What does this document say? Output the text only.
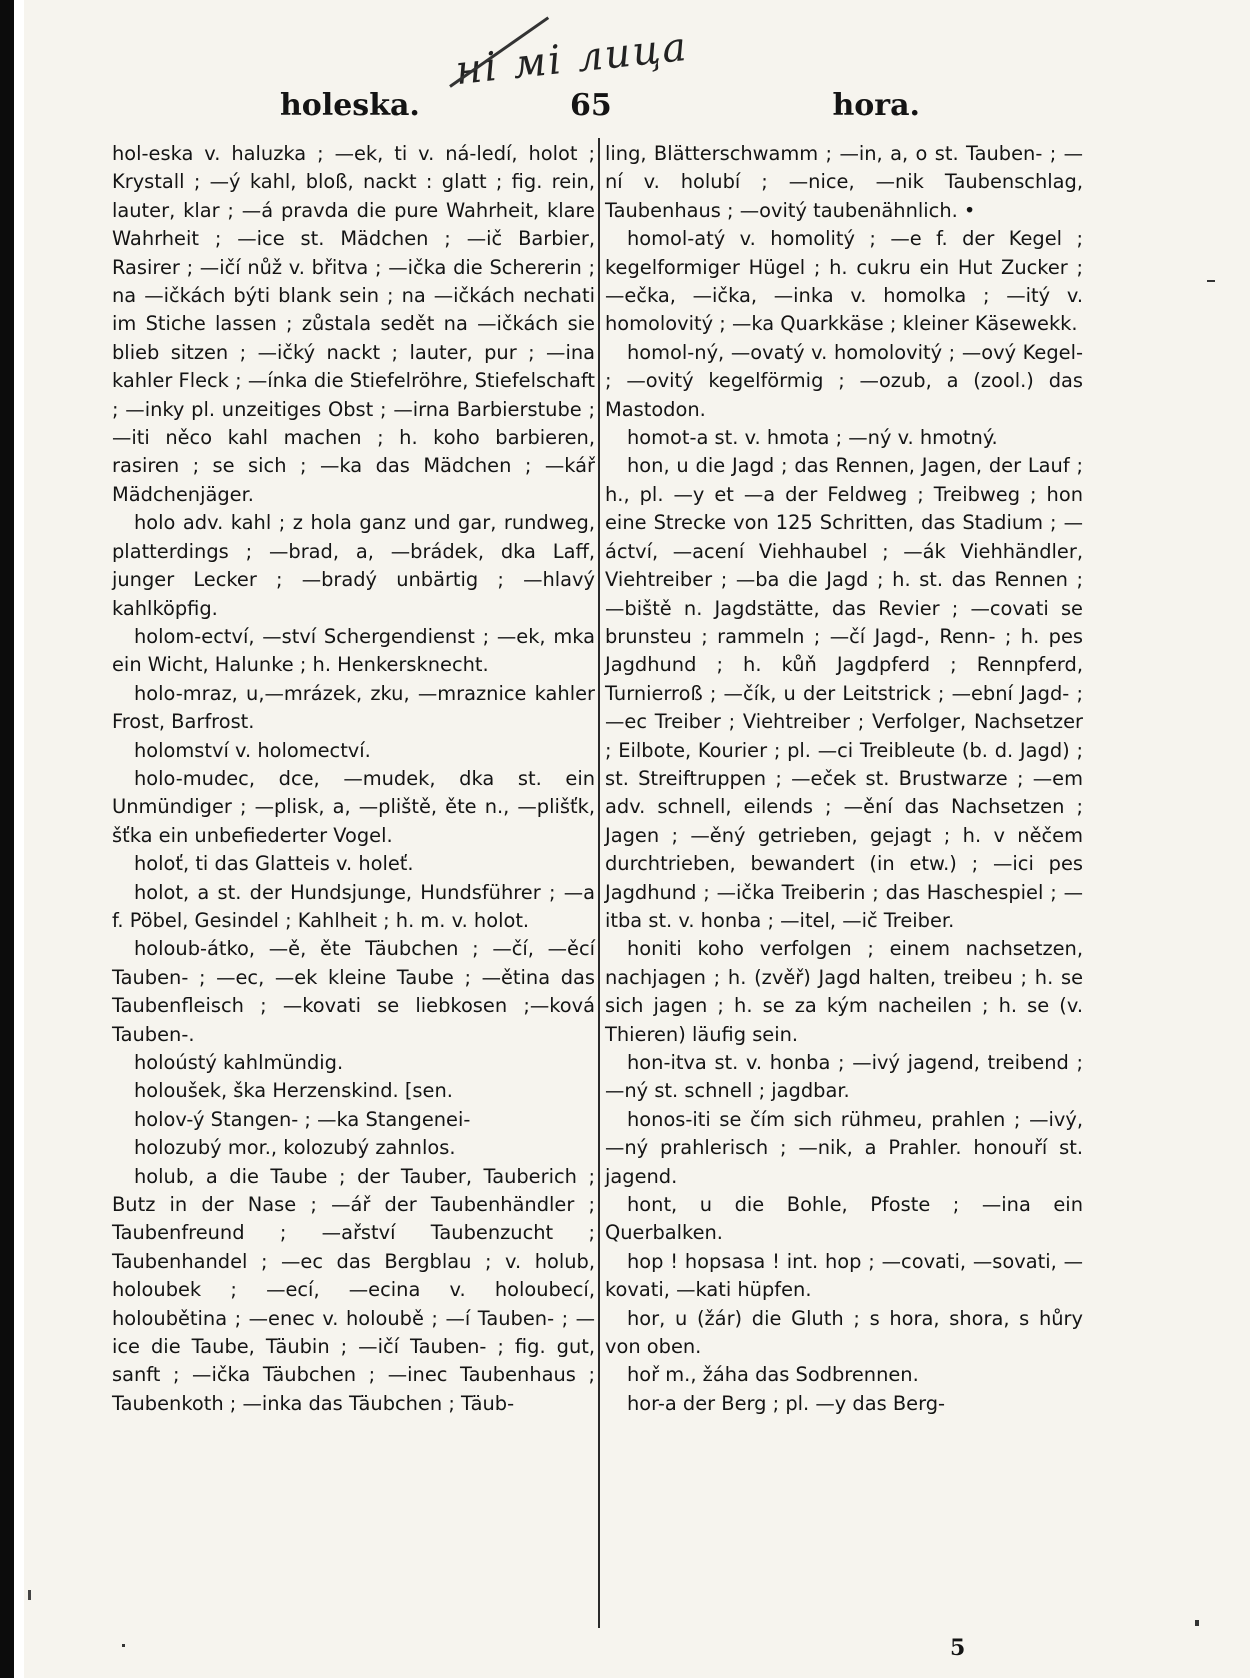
ні мі лица
holeska.	65	hora.

hol-eska v. haluzka ; —ek, ti v. ná-ledí, holot ; Krystall ; —ý kahl, bloß, nackt : glatt ; fig. rein, lauter, klar ; —á pravda die pure Wahrheit, klare Wahrheit ; —ice st. Mädchen ; —ič Barbier, Rasirer ; —ičí nůž v. břitva ; —ička die Schererin ; na —ičkách býti blank sein ; na —ičkách nechati im Stiche lassen ; zůstala sedět na —ičkách sie blieb sitzen ; —ičký nackt ; lauter, pur ; —ina kahler Fleck ; —ínka die Stiefelröhre, Stiefelschaft ; —inky pl. unzeitiges Obst ; —irna Barbierstube ; —iti něco kahl machen ; h. koho barbieren, rasiren ; se sich ; —ka das Mädchen ; —kář Mädchenjäger.

holo adv. kahl ; z hola ganz und gar, rundweg, platterdings ; —brad, a, —brádek, dka Laff, junger Lecker ; —bradý unbärtig ; —hlavý kahlköpfig.

holom-ectví, —ství Schergendienst ; —ek, mka ein Wicht, Halunke ; h. Henkersknecht.

holo-mraz, u,—mrázek, zku, —mraznice kahler Frost, Barfrost.

holomství v. holomectví.

holo-mudec, dce, —mudek, dka st. ein Unmündiger ; —plisk, a, —pliště, ěte n., —plišťk, šťka ein unbefiederter Vogel.

holoť, ti das Glatteis v. holeť.

holot, a st. der Hundsjunge, Hundsführer ; —a f. Pöbel, Gesindel ; Kahlheit ; h. m. v. holot.

holoub-átko, —ě, ěte Täubchen ; —čí, —ěcí Tauben- ; —ec, —ek kleine Taube ; —ětina das Taubenfleisch ; —kovati se liebkosen ;—ková Tauben-.

holoústý kahlmündig.

holoušek, ška Herzenskind. [sen.

holov-ý Stangen- ; —ka Stangenei-

holozubý mor., kolozubý zahnlos.

holub, a die Taube ; der Tauber, Tauberich ; Butz in der Nase ; —ář der Taubenhändler ; Taubenfreund ; —ařství Taubenzucht ; Taubenhandel ; —ec das Bergblau ; v. holub, holoubek ; —ecí, —ecina v. holoubecí, holoubětina ; —enec v. holoubě ; —í Tauben- ; —ice die Taube, Täubin ; —ičí Tauben- ; fig. gut, sanft ; —ička Täubchen ; —inec Taubenhaus ; Taubenkoth ; —inka das Täubchen ; Täub-

ling, Blätterschwamm ; —in, a, o st. Tauben- ; —ní v. holubí ; —nice, —nik Taubenschlag, Taubenhaus ; —ovitý taubenähnlich. •

homol-atý v. homolitý ; —e f. der Kegel ; kegelformiger Hügel ; h. cukru ein Hut Zucker ; —ečka, —ička, —inka v. homolka ; —itý v. homolovitý ; —ka Quarkkäse ; kleiner Käsewekk.

homol-ný, —ovatý v. homolovitý ; —ový Kegel- ; —ovitý kegelförmig ; —ozub, a (zool.) das Mastodon.

homot-a st. v. hmota ; —ný v. hmotný.

hon, u die Jagd ; das Rennen, Jagen, der Lauf ; h., pl. —y et —a der Feldweg ; Treibweg ; hon eine Strecke von 125 Schritten, das Stadium ; —áctví, —acení Viehhaubel ; —ák Viehhändler, Viehtreiber ; —ba die Jagd ; h. st. das Rennen ; —biště n. Jagdstätte, das Revier ; —covati se brunsteu ; rammeln ; —čí Jagd-, Renn- ; h. pes Jagdhund ; h. kůň Jagdpferd ; Rennpferd, Turnierroß ; —čík, u der Leitstrick ; —ební Jagd- ; —ec Treiber ; Viehtreiber ; Verfolger, Nachsetzer ; Eilbote, Kourier ; pl. —ci Treibleute (b. d. Jagd) ; st. Streiftruppen ; —eček st. Brustwarze ; —em adv. schnell, eilends ; —ění das Nachsetzen ; Jagen ; —ěný getrieben, gejagt ; h. v něčem durchtrieben, bewandert (in etw.) ; —ici pes Jagdhund ; —ička Treiberin ; das Haschespiel ; —itba st. v. honba ; —itel, —ič Treiber.

honiti koho verfolgen ; einem nachsetzen, nachjagen ; h. (zvěř) Jagd halten, treibeu ; h. se sich jagen ; h. se za kým nacheilen ; h. se (v. Thieren) läufig sein.

hon-itva st. v. honba ; —ivý jagend, treibend ; —ný st. schnell ; jagdbar.

honos-iti se čím sich rühmeu, prahlen ; —ivý, —ný prahlerisch ; —nik, a Prahler. honouří st. jagend.

hont, u die Bohle, Pfoste ; —ina ein Querbalken.

hop ! hopsasa ! int. hop ; —covati, —sovati, —kovati, —kati hüpfen.

hor, u (žár) die Gluth ; s hora, shora, s hůry von oben.

hoř m., žáha das Sodbrennen.

hor-a der Berg ; pl. —y das Berg-

5
